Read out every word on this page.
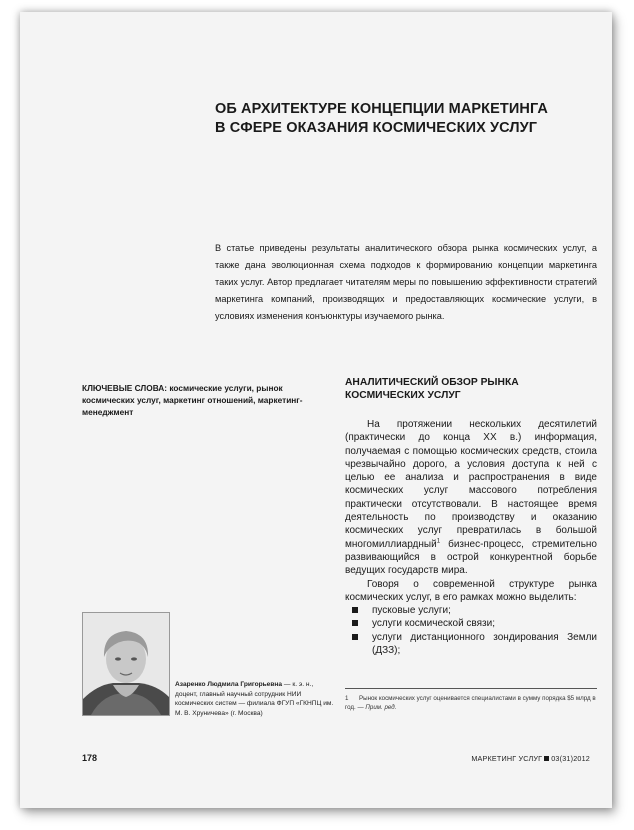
ОБ АРХИТЕКТУРЕ КОНЦЕПЦИИ МАРКЕТИНГА
В СФЕРЕ ОКАЗАНИЯ КОСМИЧЕСКИХ УСЛУГ

В статье приведены результаты аналитического обзора рынка космических услуг, а также дана эволюционная схема подходов к формированию концепции маркетинга таких услуг. Автор предлагает читателям меры по повышению эффективности стратегий маркетинга компаний, производящих и предоставляющих космические услуги, в условиях изменения конъюнктуры изучаемого рынка.

КЛЮЧЕВЫЕ СЛОВА: космические услуги, рынок космических услуг, маркетинг отношений, маркетинг-менеджмент

АНАЛИТИЧЕСКИЙ ОБЗОР РЫНКА
КОСМИЧЕСКИХ УСЛУГ

На протяжении нескольких десятилетий (практически до конца XX в.) информация, получаемая с помощью космических средств, стоила чрезвычайно дорого, а условия доступа к ней с целью ее анализа и распространения в виде космических услуг массового потребления практически отсутствовали. В настоящее время деятельность по производству и оказанию космических услуг превратилась в большой многомиллиардный$^1$ бизнес-процесс, стремительно развивающийся в острой конкурентной борьбе ведущих государств мира.

Говоря о современной структуре рынка космических услуг, в его рамках можно выделить:

пусковые услуги;
услуги космической связи;
услуги дистанционного зондирования Земли (ДЗЗ);
1 Рынок космических услуг оценивается специалистами в сумму порядка $5 млрд в год. — Прим. ред.
Азаренко Людмила Григорьевна — к. э. н., доцент, главный научный сотрудник НИИ космических систем — филиала ФГУП «ГКНПЦ им. М. В. Хруничева» (г. Москва)
178	МАРКЕТИНГ УСЛУГ 03(31)2012
